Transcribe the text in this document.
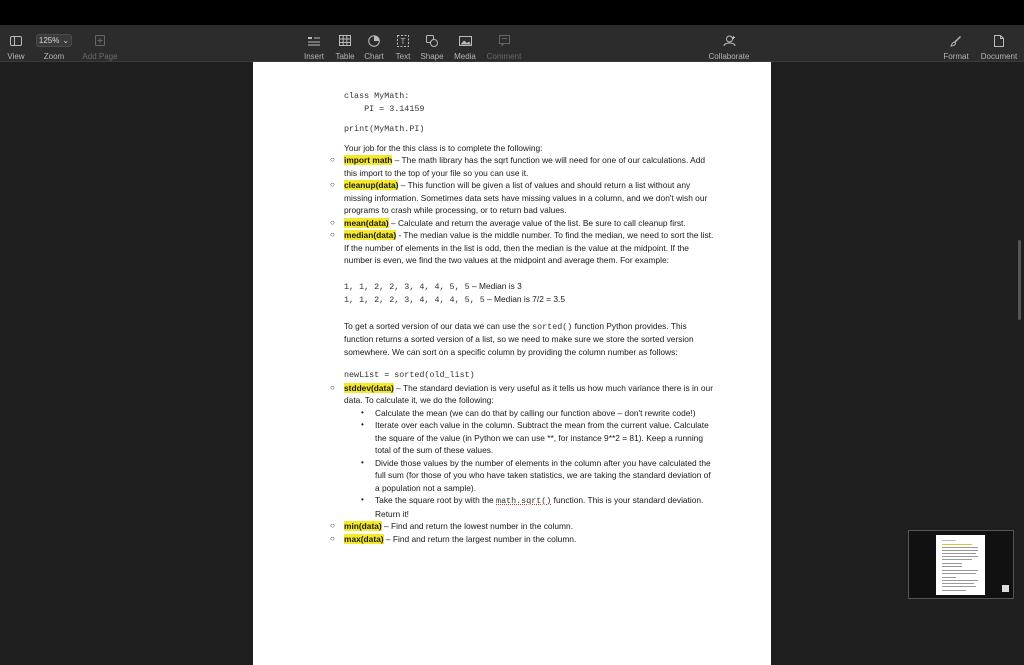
View
125% ⌄
Zoom Add Page	Insert Table Chart
T
Text Shape Media Comment	Collaborate	Format Document
class MyMath:
PI = 3.14159
print(MyMath.PI)

Your job for the this class is to complete the following:

○ import math – The math library has the sqrt function we will need for one of our calculations. Add this import to the top of your file so you can use it.
○ cleanup(data) – This function will be given a list of values and should return a list without any missing information. Sometimes data sets have missing values in a column, and we don't wish our programs to crash while processing, or to return bad values.
○ mean(data) – Calculate and return the average value of the list. Be sure to call cleanup first.
○ median(data) - The median value is the middle number. To find the median, we need to sort the list. If the number of elements in the list is odd, then the median is the value at the midpoint. If the number is even, we find the two values at the midpoint and average them. For example:
1, 1, 2, 2, 3, 4, 4, 5, 5 – Median is 3
1, 1, 2, 2, 3, 4, 4, 4, 5, 5 – Median is 7/2 = 3.5

To get a sorted version of our data we can use the sorted() function Python provides. This function returns a sorted version of a list, so we need to make sure we store the sorted version somewhere. We can sort on a specific column by providing the column number as follows:

newList = sorted(old_list)
○ stddev(data) – The standard deviation is very useful as it tells us how much variance there is in our data. To calculate it, we do the following:
• Calculate the mean (we can do that by calling our function above – don't rewrite code!)
• Iterate over each value in the column. Subtract the mean from the current value. Calculate the square of the value (in Python we can use **, for instance 9**2 = 81). Keep a running total of the sum of these values.
• Divide those values by the number of elements in the column after you have calculated the full sum (for those of you who have taken statistics, we are taking the standard deviation of a population not a sample).
• Take the square root by with the math.sqrt() function. This is your standard deviation. Return it!
○ min(data) – Find and return the lowest number in the column.
○ max(data) – Find and return the largest number in the column.
